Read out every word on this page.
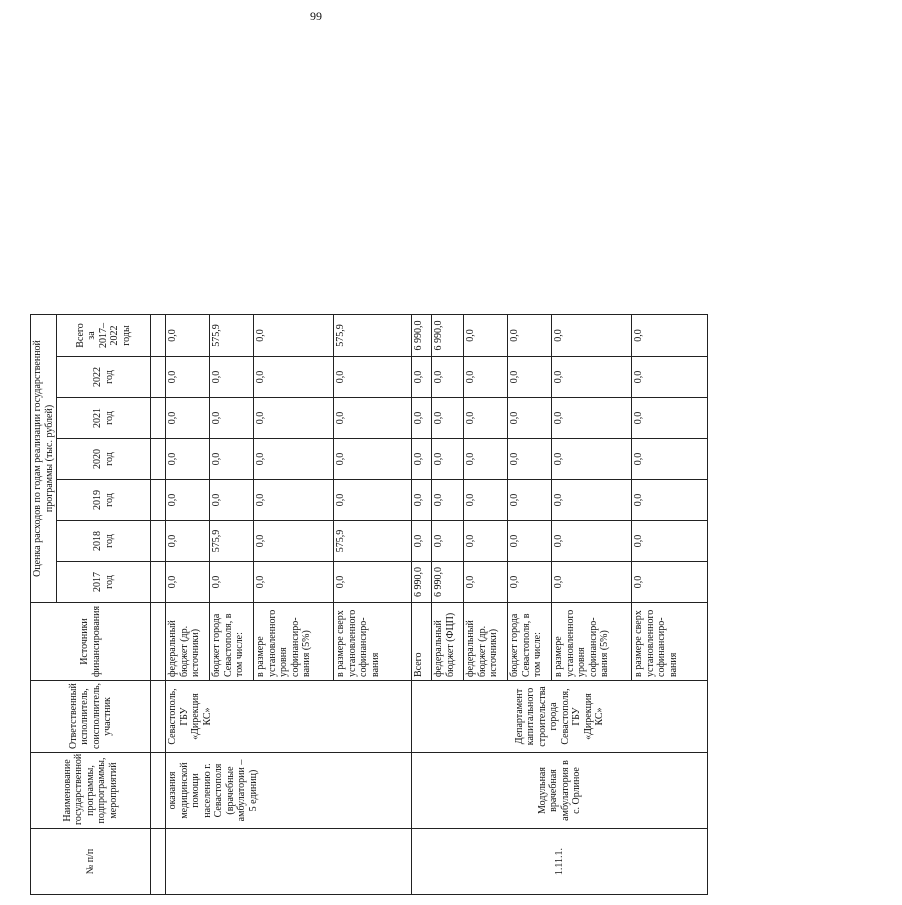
99
№ п/п	Наименование государственной программы, подпрограммы, мероприятий	Ответственный исполнитель, соисполнитель, участник	Источники финансирования	Оценка расходов по годам реализации государственной программы (тыс. рублей)						
				2017 год	2018 год	2019 год	2020 год	2021 год	2022 год	Всего за 2017–2022 годы

	оказания медицинской помощи населению г. Севастополя (врачебные амбулатории – 5 единиц)	Севастополь, ГБУ «Дирекция КС»	федеральный бюджет (др. источники)	0,0	0,0	0,0	0,0	0,0	0,0	0,0
			бюджет города Севастополя, в том числе:	0,0	575,9	0,0	0,0	0,0	0,0	575,9
			в размере установленного уровня софинансиро-вания (5%)	0,0	0,0	0,0	0,0	0,0	0,0	0,0
			в размере сверх установленного софинансиро-вания	0,0	575,9	0,0	0,0	0,0	0,0	575,9
1.11.1.	Модульная врачебная амбулатория в с. Орлиное	Департамент капитального строительства города Севастополя, ГБУ «Дирекция КС»	Всего	6 990,0	0,0	0,0	0,0	0,0	0,0	6 990,0
			федеральный бюджет (ФЦП)	6 990,0	0,0	0,0	0,0	0,0	0,0	6 990,0
			федеральный бюджет (др. источники)	0,0	0,0	0,0	0,0	0,0	0,0	0,0
			бюджет города Севастополя, в том числе:	0,0	0,0	0,0	0,0	0,0	0,0	0,0
			в размере установленного уровня софинансиро-вания (5%)	0,0	0,0	0,0	0,0	0,0	0,0	0,0
			в размере сверх установленного софинансиро-вания	0,0	0,0	0,0	0,0	0,0	0,0	0,0
